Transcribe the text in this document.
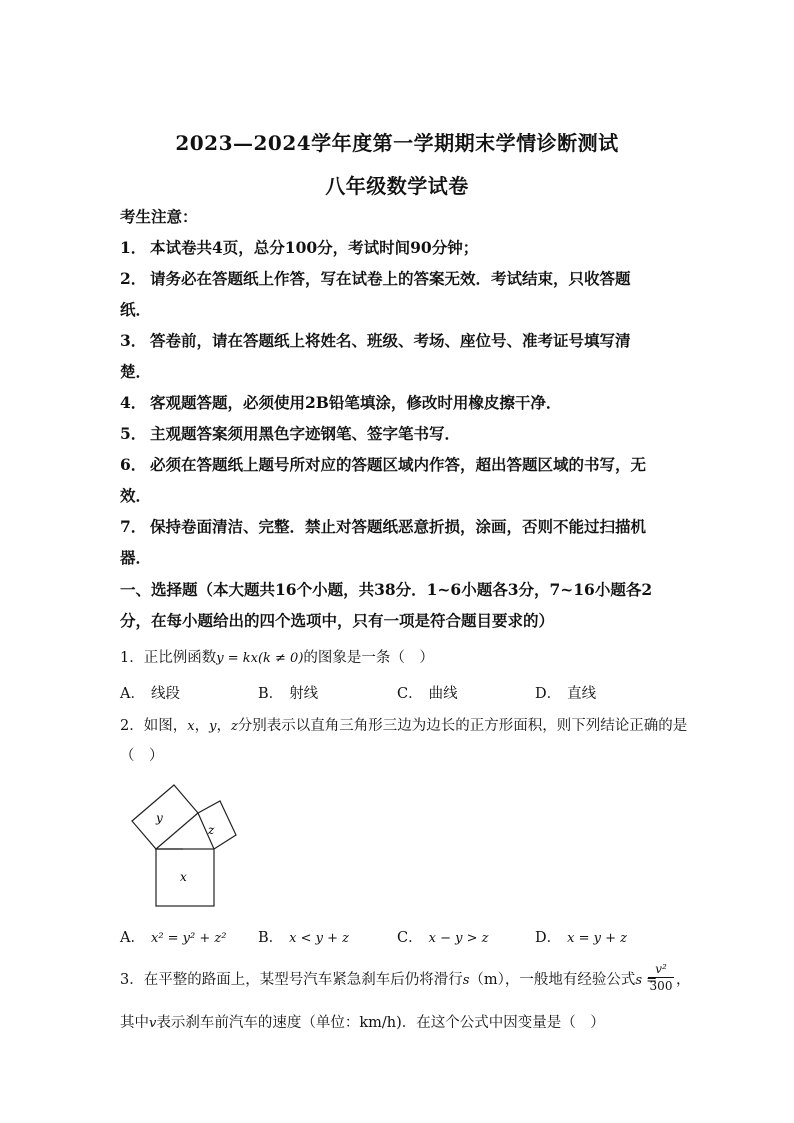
2023—2024学年度第一学期期末学情诊断测试
八年级数学试卷
考生注意：
1． 本试卷共4页，总分100分，考试时间90分钟；
2． 请务必在答题纸上作答，写在试卷上的答案无效．考试结束，只收答题
纸．
3． 答卷前，请在答题纸上将姓名、班级、考场、座位号、准考证号填写清
楚．
4． 客观题答题，必须使用2B铅笔填涂，修改时用橡皮擦干净．
5． 主观题答案须用黑色字迹钢笔、签字笔书写．
6． 必须在答题纸上题号所对应的答题区域内作答，超出答题区域的书写，无
效．
7． 保持卷面清洁、完整．禁止对答题纸恶意折损，涂画，否则不能过扫描机
器．
一、选择题（本大题共16个小题，共38分．1~6小题各3分，7~16小题各2
分，在每小题给出的四个选项中，只有一项是符合题目要求的）
1．正比例函数y = kx(k ≠ 0)的图象是一条（　）
A． 线段	B． 射线	C． 曲线	D． 直线
2．如图，x，y，z分别表示以直角三角形三边为边长的正方形面积，则下列结论正确的是
（　）
y
z
x
A． x² = y² + z² B． x < y + z	C． x − y > z	D． x = y + z
3．在平整的路面上，某型号汽车紧急刹车后仍将滑行s（m），一般地有经验公式s =
$\frac{\text{v²}}{300}$ ，
其中v表示刹车前汽车的速度（单位：km/h)．在这个公式中因变量是（　）
